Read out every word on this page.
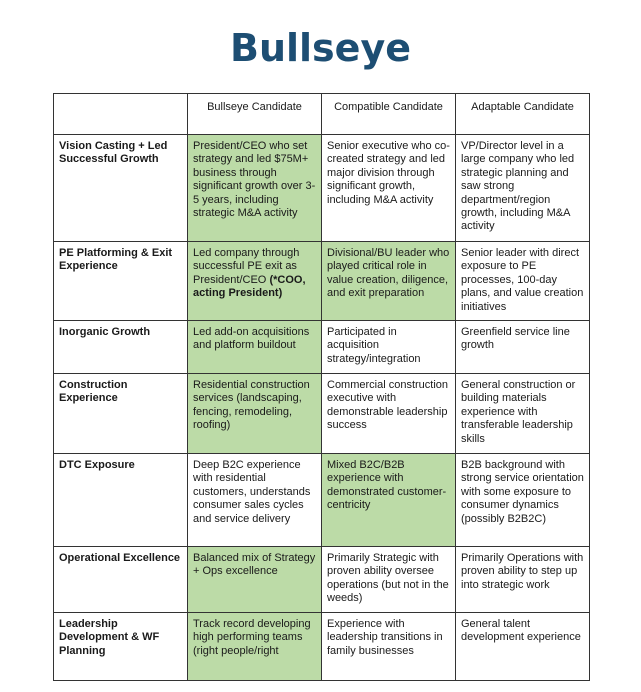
Bullseye
	Bullseye Candidate	Compatible Candidate	Adaptable Candidate
Vision Casting + Led Successful Growth	President/CEO who set strategy and led $75M+ business through significant growth over 3-5 years, including strategic M&A activity	Senior executive who co-created strategy and led major division through significant growth, including M&A activity	VP/Director level in a large company who led strategic planning and saw strong department/region growth, including M&A activity
PE Platforming & Exit Experience	Led company through successful PE exit as President/CEO (*COO, acting President)	Divisional/BU leader who played critical role in value creation, diligence, and exit preparation	Senior leader with direct exposure to PE processes, 100-day plans, and value creation initiatives
Inorganic Growth	Led add-on acquisitions and platform buildout	Participated in acquisition strategy/integration	Greenfield service line growth
Construction Experience	Residential construction services (landscaping, fencing, remodeling, roofing)	Commercial construction executive with demonstrable leadership success	General construction or building materials experience with transferable leadership skills
DTC Exposure	Deep B2C experience with residential customers, understands consumer sales cycles and service delivery	Mixed B2C/B2B experience with demonstrated customer-centricity	B2B background with strong service orientation with some exposure to consumer dynamics (possibly B2B2C)
Operational Excellence	Balanced mix of Strategy + Ops excellence	Primarily Strategic with proven ability oversee operations (but not in the weeds)	Primarily Operations with proven ability to step up into strategic work
Leadership Development & WF Planning	Track record developing high performing teams (right people/right	Experience with leadership transitions in family businesses	General talent development experience
